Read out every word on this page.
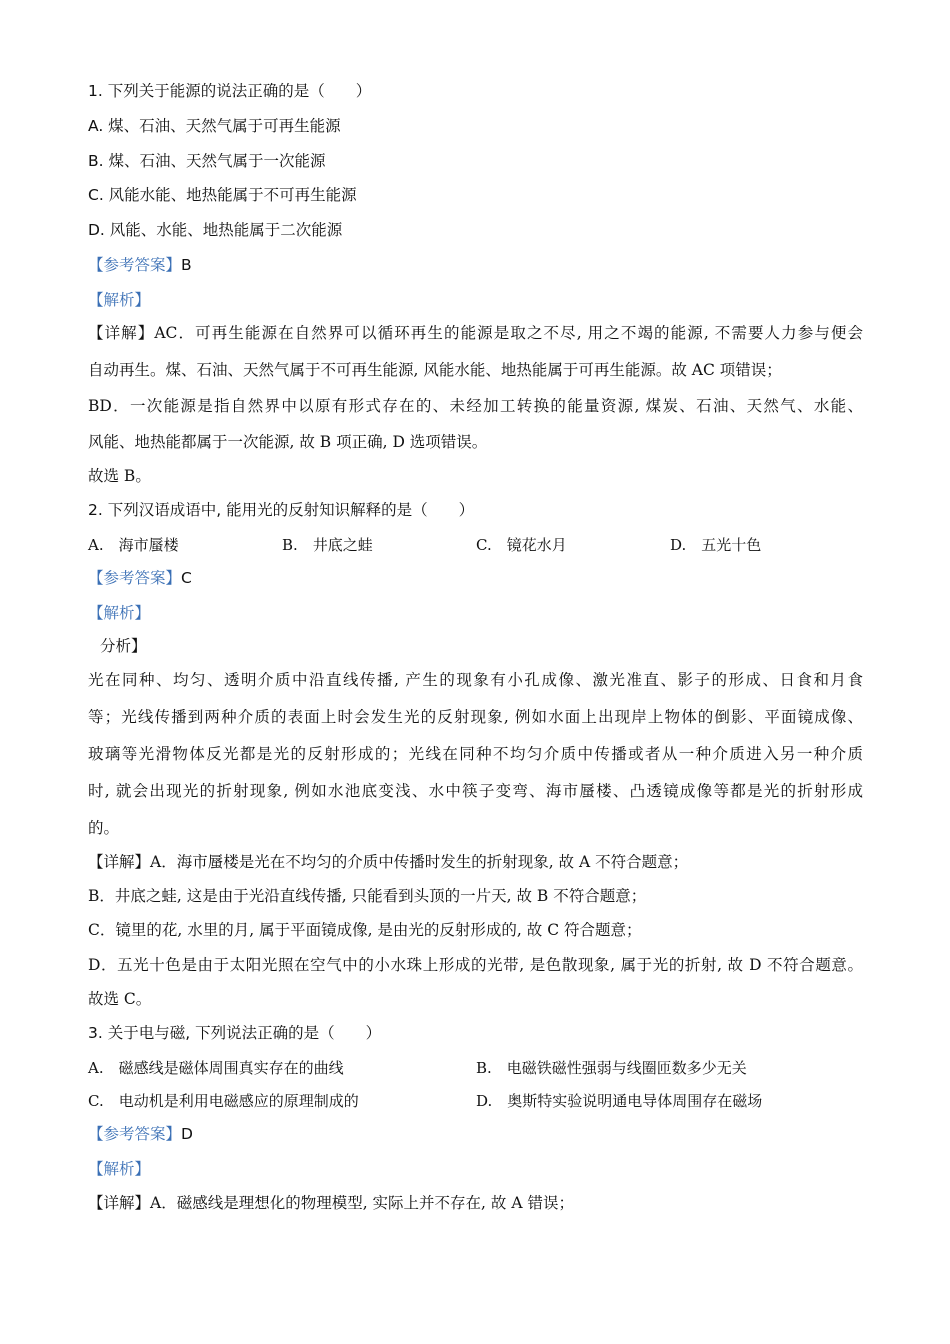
1. 下列关于能源的说法正确的是（　　）
A. 煤、石油、天然气属于可再生能源
B. 煤、石油、天然气属于一次能源
C. 风能水能、地热能属于不可再生能源
D. 风能、水能、地热能属于二次能源
【参考答案】B
【解析】
【详解】AC．可再生能源在自然界可以循环再生的能源是取之不尽, 用之不竭的能源, 不需要人力参与便会
自动再生。煤、石油、天然气属于不可再生能源, 风能水能、地热能属于可再生能源。故 AC 项错误；
BD．一次能源是指自然界中以原有形式存在的、未经加工转换的能量资源, 煤炭、石油、天然气、水能、
风能、地热能都属于一次能源, 故 B 项正确, D 选项错误。
故选 B。
2. 下列汉语成语中, 能用光的反射知识解释的是（　　）
A.　海市蜃楼	B.　井底之蛙	C.　镜花水月	D.　五光十色
【参考答案】C
【解析】
分析】
光在同种、均匀、透明介质中沿直线传播, 产生的现象有小孔成像、激光准直、影子的形成、日食和月食
等；光线传播到两种介质的表面上时会发生光的反射现象, 例如水面上出现岸上物体的倒影、平面镜成像、
玻璃等光滑物体反光都是光的反射形成的；光线在同种不均匀介质中传播或者从一种介质进入另一种介质
时, 就会出现光的折射现象, 例如水池底变浅、水中筷子变弯、海市蜃楼、凸透镜成像等都是光的折射形成
的。
【详解】A．海市蜃楼是光在不均匀的介质中传播时发生的折射现象, 故 A 不符合题意；
B．井底之蛙, 这是由于光沿直线传播, 只能看到头顶的一片天, 故 B 不符合题意；
C．镜里的花, 水里的月, 属于平面镜成像, 是由光的反射形成的, 故 C 符合题意；
D．五光十色是由于太阳光照在空气中的小水珠上形成的光带, 是色散现象, 属于光的折射, 故 D 不符合题意。
故选 C。
3. 关于电与磁, 下列说法正确的是（　　）
A.　磁感线是磁体周围真实存在的曲线	B.　电磁铁磁性强弱与线圈匝数多少无关
C.　电动机是利用电磁感应的原理制成的	D.　奥斯特实验说明通电导体周围存在磁场
【参考答案】D
【解析】
【详解】A．磁感线是理想化的物理模型, 实际上并不存在, 故 A 错误；
